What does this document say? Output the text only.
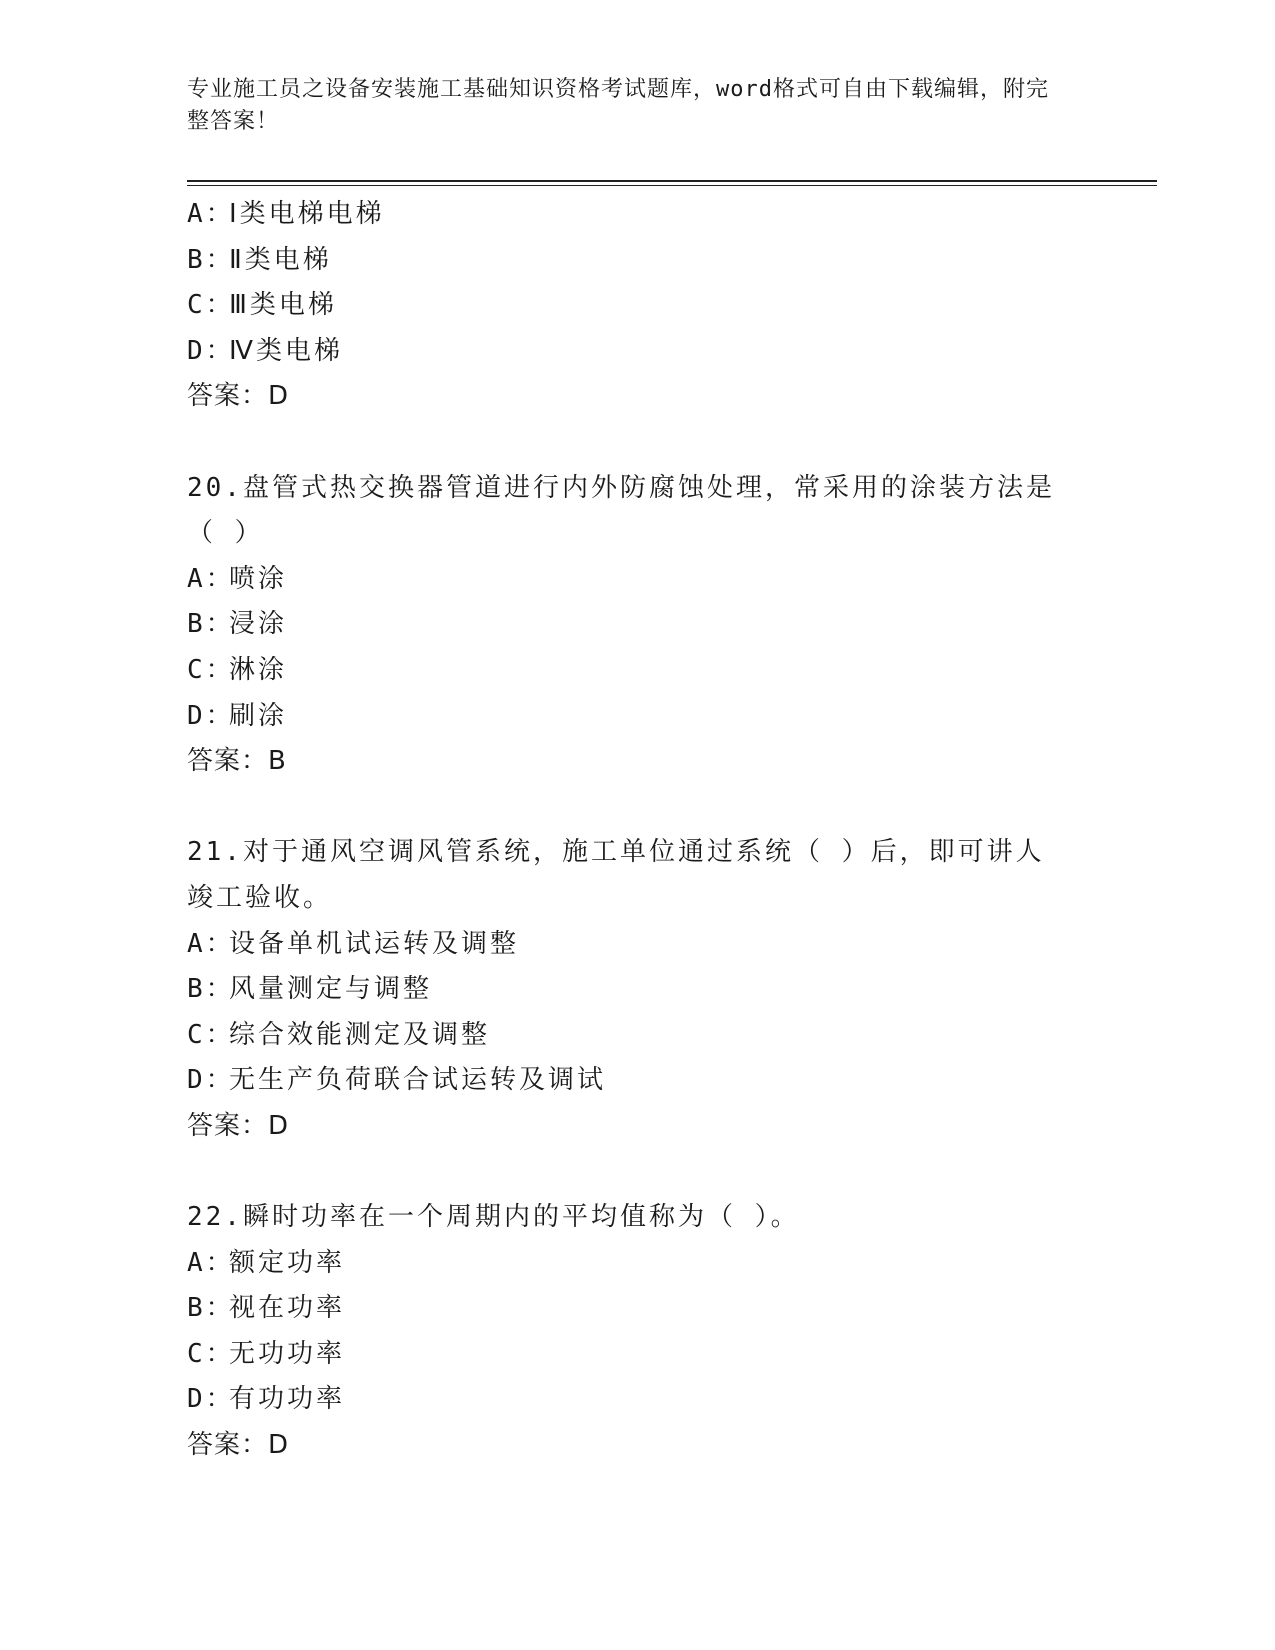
专业施工员之设备安装施工基础知识资格考试题库，word格式可自由下载编辑，附完整答案！
A：Ⅰ类电梯电梯
B：Ⅱ类电梯
C：Ⅲ类电梯
D：Ⅳ类电梯
答案：D
20.盘管式热交换器管道进行内外防腐蚀处理，常采用的涂装方法是（ ）
A：喷涂
B：浸涂
C：淋涂
D：刷涂
答案：B
21.对于通风空调风管系统，施工单位通过系统（ ）后，即可讲人竣工验收。
A：设备单机试运转及调整
B：风量测定与调整
C：综合效能测定及调整
D：无生产负荷联合试运转及调试
答案：D
22.瞬时功率在一个周期内的平均值称为（ ）。
A：额定功率
B：视在功率
C：无功功率
D：有功功率
答案：D
